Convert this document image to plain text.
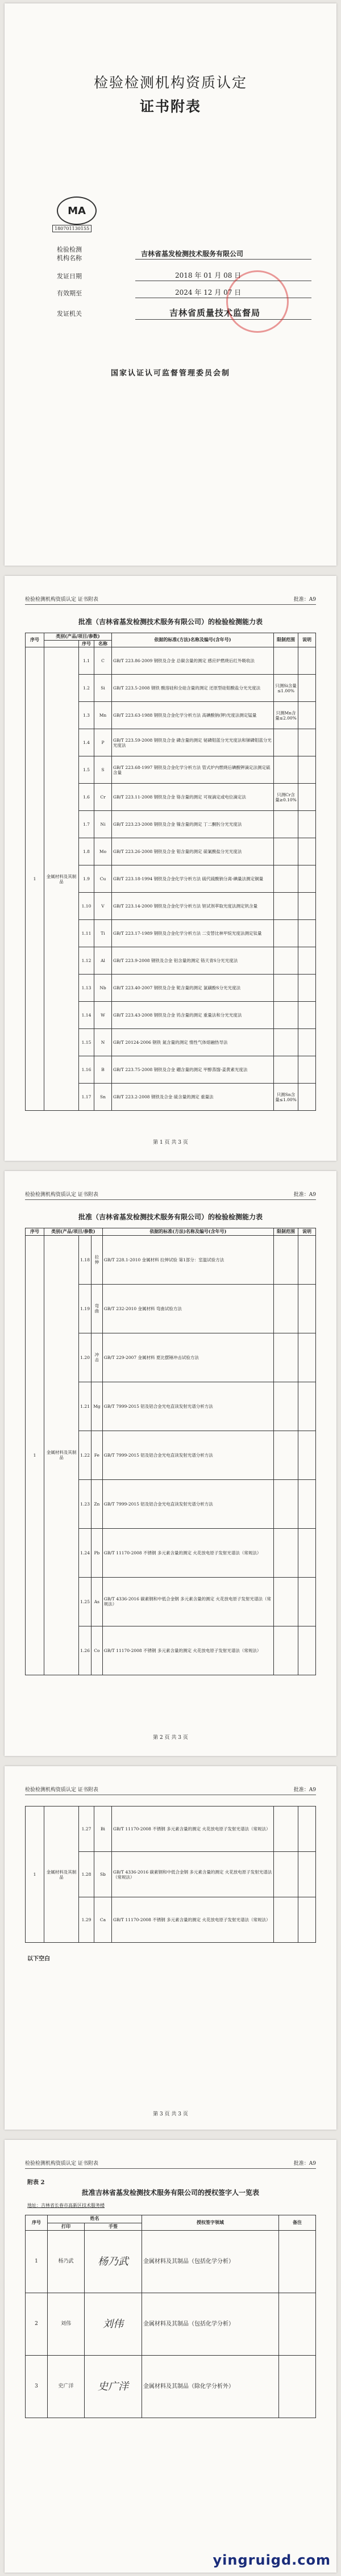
检验检测机构资质认定
证书附表
MA
180701130155
检验检测
机构名称
吉林省基发检测技术服务有限公司
发证日期	2018 年 01 月 08 日
有效期至	2024 年 12 月 07 日
发证机关	吉林省质量技术监督局
国家认证认可监督管理委员会制
检验检测机构资质认定 证书附表	批准：A9
批准（吉林省基发检测技术服务有限公司）的检验检测能力表
序号	类别(产品/项目/参数)			依据的标准(方法)名称及编号(含年号)	限制范围	说明
		序号	名称			
1	金属材料及其制品	1.1	C	GB/T 223.86-2009 钢铁及合金 总碳含量的测定 感应炉燃烧后红外吸收法		
		1.2	Si	GB/T 223.5-2008 钢铁 酸溶硅和全硅含量的测定 还原型硅钼酸盐分光光度法	只测Si含量≤1.00%	
		1.3	Mn	GB/T 223.63-1988 钢铁及合金化学分析方法 高碘酸钠(钾)光度法测定锰量	只测Mn含量≤2.00%	
		1.4	P	GB/T 223.59-2008 钢铁及合金 磷含量的测定 铋磷钼蓝分光光度法和锑磷钼蓝分光光度法		
		1.5	S	GB/T 223.68-1997 钢铁及合金化学分析方法 管式炉内燃烧后碘酸钾滴定法测定硫含量		
		1.6	Cr	GB/T 223.11-2008 钢铁及合金 铬含量的测定 可视滴定或电位滴定法	只测Cr含量≥0.10%	
		1.7	Ni	GB/T 223.23-2008 钢铁及合金 镍含量的测定 丁二酮肟分光光度法		
		1.8	Mo	GB/T 223.26-2008 钢铁及合金 钼含量的测定 硫氰酸盐分光光度法		
		1.9	Cu	GB/T 223.18-1994 钢铁及合金化学分析方法 硫代硫酸钠分离-碘量法测定铜量		
		1.10	V	GB/T 223.14-2000 钢铁及合金化学分析方法 钽试剂萃取光度法测定钒含量		
		1.11	Ti	GB/T 223.17-1989 钢铁及合金化学分析方法 二安替比林甲烷光度法测定钛量		
		1.12	Al	GB/T 223.9-2008 钢铁及合金 铝含量的测定 铬天青S分光光度法		
		1.13	Nb	GB/T 223.40-2007 钢铁及合金 铌含量的测定 氯磺酚S分光光度法		
		1.14	W	GB/T 223.43-2008 钢铁及合金 钨含量的测定 重量法和分光光度法		
		1.15	N	GB/T 20124-2006 钢铁 氮含量的测定 惰性气体熔融热导法		
		1.16	B	GB/T 223.75-2008 钢铁及合金 硼含量的测定 甲醇蒸馏-姜黄素光度法		
		1.17	Sn	GB/T 223.2-2008 钢铁及合金 硫含量的测定 重量法	只测Sn含量≤1.00%	
第 1 页 共 3 页
检验检测机构资质认定 证书附表	批准：A9
批准（吉林省基发检测技术服务有限公司）的检验检测能力表
序号	类别(产品/项目/参数)			依据的标准(方法)名称及编号(含年号)	限制范围	说明
1	金属材料及其制品	1.18	拉伸	GB/T 228.1-2010 金属材料 拉伸试验 第1部分：室温试验方法		
		1.19	弯曲	GB/T 232-2010 金属材料 弯曲试验方法		
		1.20	冲击	GB/T 229-2007 金属材料 夏比摆锤冲击试验方法		
		1.21	Mg	GB/T 7999-2015 铝及铝合金光电直读发射光谱分析方法		
		1.22	Fe	GB/T 7999-2015 铝及铝合金光电直读发射光谱分析方法		
		1.23	Zn	GB/T 7999-2015 铝及铝合金光电直读发射光谱分析方法		
		1.24	Pb	GB/T 11170-2008 不锈钢 多元素含量的测定 火花放电原子发射光谱法（常规法）		
		1.25	As	GB/T 4336-2016 碳素钢和中低合金钢 多元素含量的测定 火花放电原子发射光谱法（常规法）		
		1.26	Co	GB/T 11170-2008 不锈钢 多元素含量的测定 火花放电原子发射光谱法（常规法）		
第 2 页 共 3 页
检验检测机构资质认定 证书附表	批准：A9
1	金属材料及其制品	1.27	Bi	GB/T 11170-2008 不锈钢 多元素含量的测定 火花放电原子发射光谱法（常规法）		
		1.28	Sb	GB/T 4336-2016 碳素钢和中低合金钢 多元素含量的测定 火花放电原子发射光谱法（常规法）		
		1.29	Ca	GB/T 11170-2008 不锈钢 多元素含量的测定 火花放电原子发射光谱法（常规法）		
以下空白
第 3 页 共 3 页
检验检测机构资质认定 证书附表	批准：A9
附表 2
批准吉林省基发检测技术服务有限公司的授权签字人一览表
地址：吉林省长春市高新区技术服务楼
序号	姓名		授权签字领域	备注
	打印	手签		
1	杨乃武	杨乃武	金属材料及其制品（包括化学分析）	
2	刘伟	刘伟	金属材料及其制品（包括化学分析）	
3	史广洋	史广洋	金属材料及其制品（除化学分析外）	
yingruigd.com
